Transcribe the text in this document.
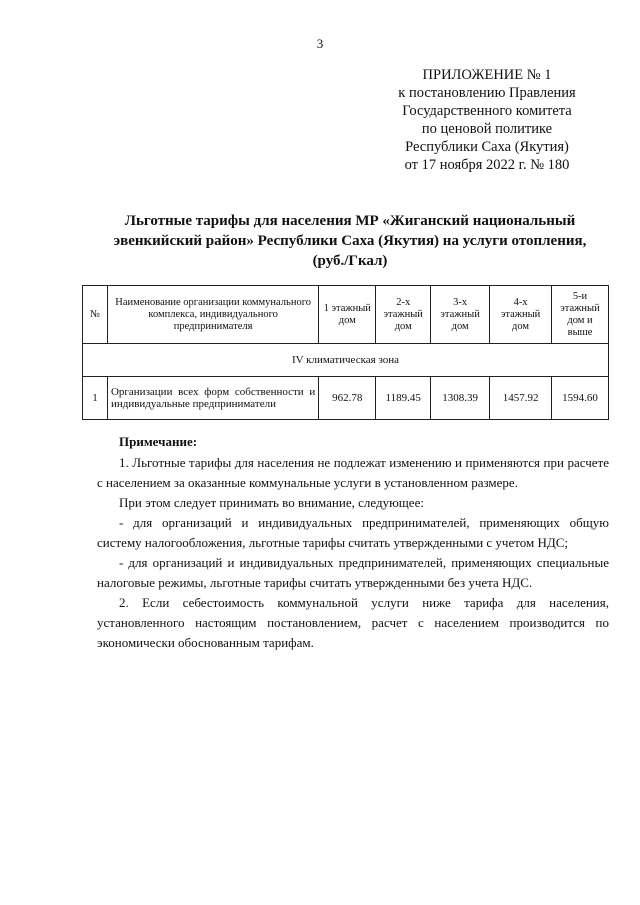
3
ПРИЛОЖЕНИЕ № 1
к постановлению Правления
Государственного комитета
по ценовой политике
Республики Саха (Якутия)
от 17 ноября 2022 г. № 180
Льготные тарифы для населения МР «Жиганский национальный
эвенкийский район» Республики Саха (Якутия) на услуги отопления,
(руб./Гкал)
№	Наименование организации коммунального комплекса, индивидуального предпринимателя	1 этажный дом	2-х этажный дом	3-х этажный дом	4-х этажный дом	5-и этажный дом и выше
IV климатическая зона						
1	Организации всех форм собственности и индивидуальные предприниматели	962.78	1189.45	1308.39	1457.92	1594.60

Примечание:

1. Льготные тарифы для населения не подлежат изменению и применяются при расчете с населением за оказанные коммунальные услуги в установленном размере.

При этом следует принимать во внимание, следующее:

- для организаций и индивидуальных предпринимателей, применяющих общую систему налогообложения, льготные тарифы считать утвержденными с учетом НДС;

- для организаций и индивидуальных предпринимателей, применяющих специальные налоговые режимы, льготные тарифы считать утвержденными без учета НДС.

2. Если себестоимость коммунальной услуги ниже тарифа для населения, установленного настоящим постановлением, расчет с населением производится по экономически обоснованным тарифам.
